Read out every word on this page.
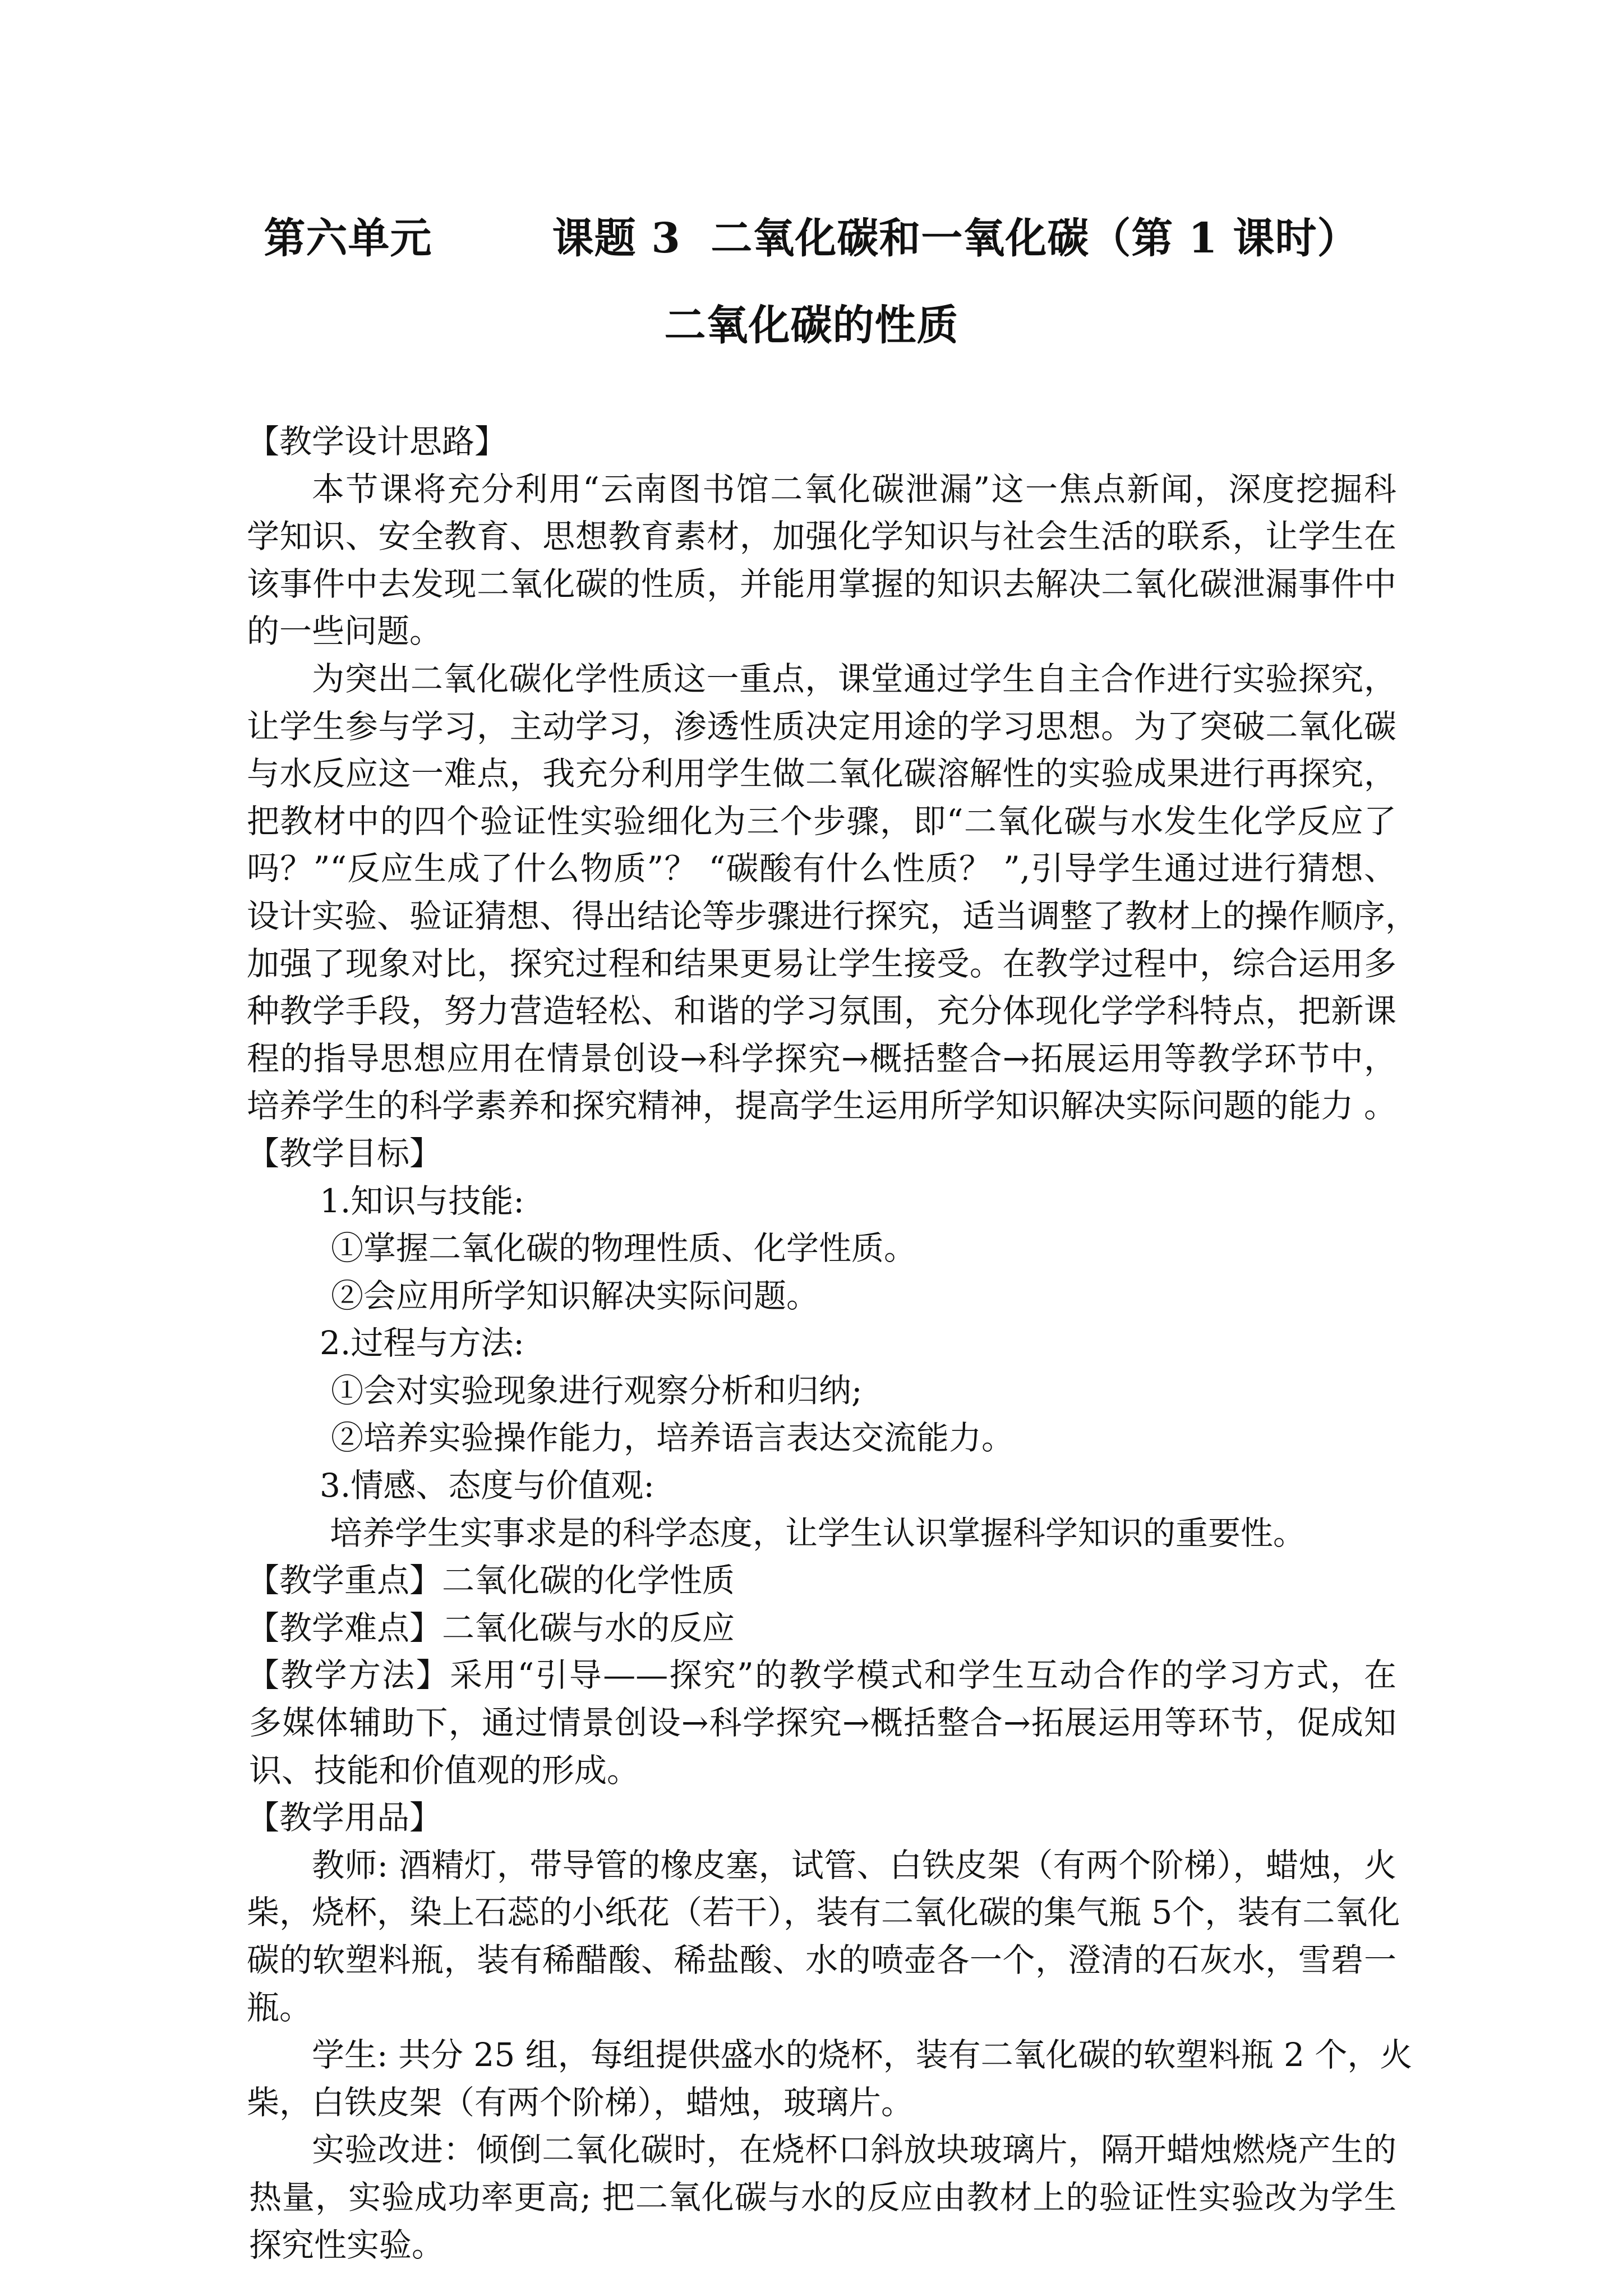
第六单元        课题 3  二氧化碳和一氧化碳（第 1 课时）
二氧化碳的性质
【教学设计思路】
本节课将充分利用“云南图书馆二氧化碳泄漏”这一焦点新闻，深度挖掘科
学知识、安全教育、思想教育素材，加强化学知识与社会生活的联系，让学生在
该事件中去发现二氧化碳的性质，并能用掌握的知识去解决二氧化碳泄漏事件中
的一些问题。
为突出二氧化碳化学性质这一重点，课堂通过学生自主合作进行实验探究，
让学生参与学习，主动学习，渗透性质决定用途的学习思想。为了突破二氧化碳
与水反应这一难点，我充分利用学生做二氧化碳溶解性的实验成果进行再探究，
把教材中的四个验证性实验细化为三个步骤，即“二氧化碳与水发生化学反应了
吗？”“反应生成了什么物质”？ “碳酸有什么性质？ ”,引导学生通过进行猜想、
设计实验、验证猜想、得出结论等步骤进行探究，适当调整了教材上的操作顺序，
加强了现象对比，探究过程和结果更易让学生接受。在教学过程中，综合运用多
种教学手段，努力营造轻松、和谐的学习氛围，充分体现化学学科特点，把新课
程的指导思想应用在情景创设→科学探究→概括整合→拓展运用等教学环节中，
培养学生的科学素养和探究精神，提高学生运用所学知识解决实际问题的能力 。
【教学目标】
1.知识与技能:
①掌握二氧化碳的物理性质、化学性质。
②会应用所学知识解决实际问题。
2.过程与方法:
①会对实验现象进行观察分析和归纳;
②培养实验操作能力，培养语言表达交流能力。
3.情感、态度与价值观:
培养学生实事求是的科学态度，让学生认识掌握科学知识的重要性。
【教学重点】二氧化碳的化学性质
【教学难点】二氧化碳与水的反应
【教学方法】采用“引导——探究”的教学模式和学生互动合作的学习方式，在
多媒体辅助下，通过情景创设→科学探究→概括整合→拓展运用等环节，促成知
识、技能和价值观的形成。
【教学用品】
教师: 酒精灯，带导管的橡皮塞，试管、白铁皮架（有两个阶梯），蜡烛，火
柴，烧杯，染上石蕊的小纸花（若干），装有二氧化碳的集气瓶 5个，装有二氧化
碳的软塑料瓶，装有稀醋酸、稀盐酸、水的喷壶各一个，澄清的石灰水，雪碧一
瓶。
学生: 共分 25 组，每组提供盛水的烧杯，装有二氧化碳的软塑料瓶 2 个，火
柴，白铁皮架（有两个阶梯），蜡烛，玻璃片。
实验改进：倾倒二氧化碳时，在烧杯口斜放块玻璃片，隔开蜡烛燃烧产生的
热量，实验成功率更高; 把二氧化碳与水的反应由教材上的验证性实验改为学生
探究性实验。
